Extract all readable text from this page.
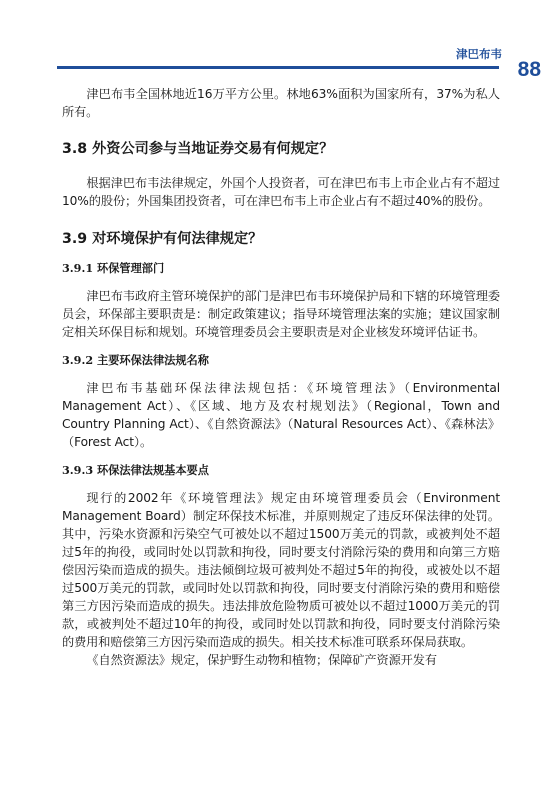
津巴布韦
88

津巴布韦全国林地近16万平方公里。林地63%面积为国家所有，37%为私人所有。

3.8 外资公司参与当地证券交易有何规定？

根据津巴布韦法律规定，外国个人投资者，可在津巴布韦上市企业占有不超过10%的股份；外国集团投资者，可在津巴布韦上市企业占有不超过40%的股份。

3.9 对环境保护有何法律规定？
3.9.1 环保管理部门

津巴布韦政府主管环境保护的部门是津巴布韦环境保护局和下辖的环境管理委员会，环保部主要职责是：制定政策建议；指导环境管理法案的实施；建议国家制定相关环保目标和规划。环境管理委员会主要职责是对企业核发环境评估证书。

3.9.2 主要环保法律法规名称

津巴布韦基础环保法律法规包括：《环境管理法》（Environmental Management Act）、《区域、地方及农村规划法》（Regional，Town and Country Planning Act）、《自然资源法》（Natural Resources Act）、《森林法》（Forest Act）。

3.9.3 环保法律法规基本要点

现行的2002年《环境管理法》规定由环境管理委员会（Environment Management Board）制定环保技术标准，并原则规定了违反环保法律的处罚。其中，污染水资源和污染空气可被处以不超过1500万美元的罚款，或被判处不超过5年的拘役，或同时处以罚款和拘役，同时要支付消除污染的费用和向第三方赔偿因污染而造成的损失。违法倾倒垃圾可被判处不超过5年的拘役，或被处以不超过500万美元的罚款，或同时处以罚款和拘役，同时要支付消除污染的费用和赔偿第三方因污染而造成的损失。违法排放危险物质可被处以不超过1000万美元的罚款，或被判处不超过10年的拘役，或同时处以罚款和拘役，同时要支付消除污染的费用和赔偿第三方因污染而造成的损失。相关技术标准可联系环保局获取。

《自然资源法》规定，保护野生动物和植物；保障矿产资源开发有
